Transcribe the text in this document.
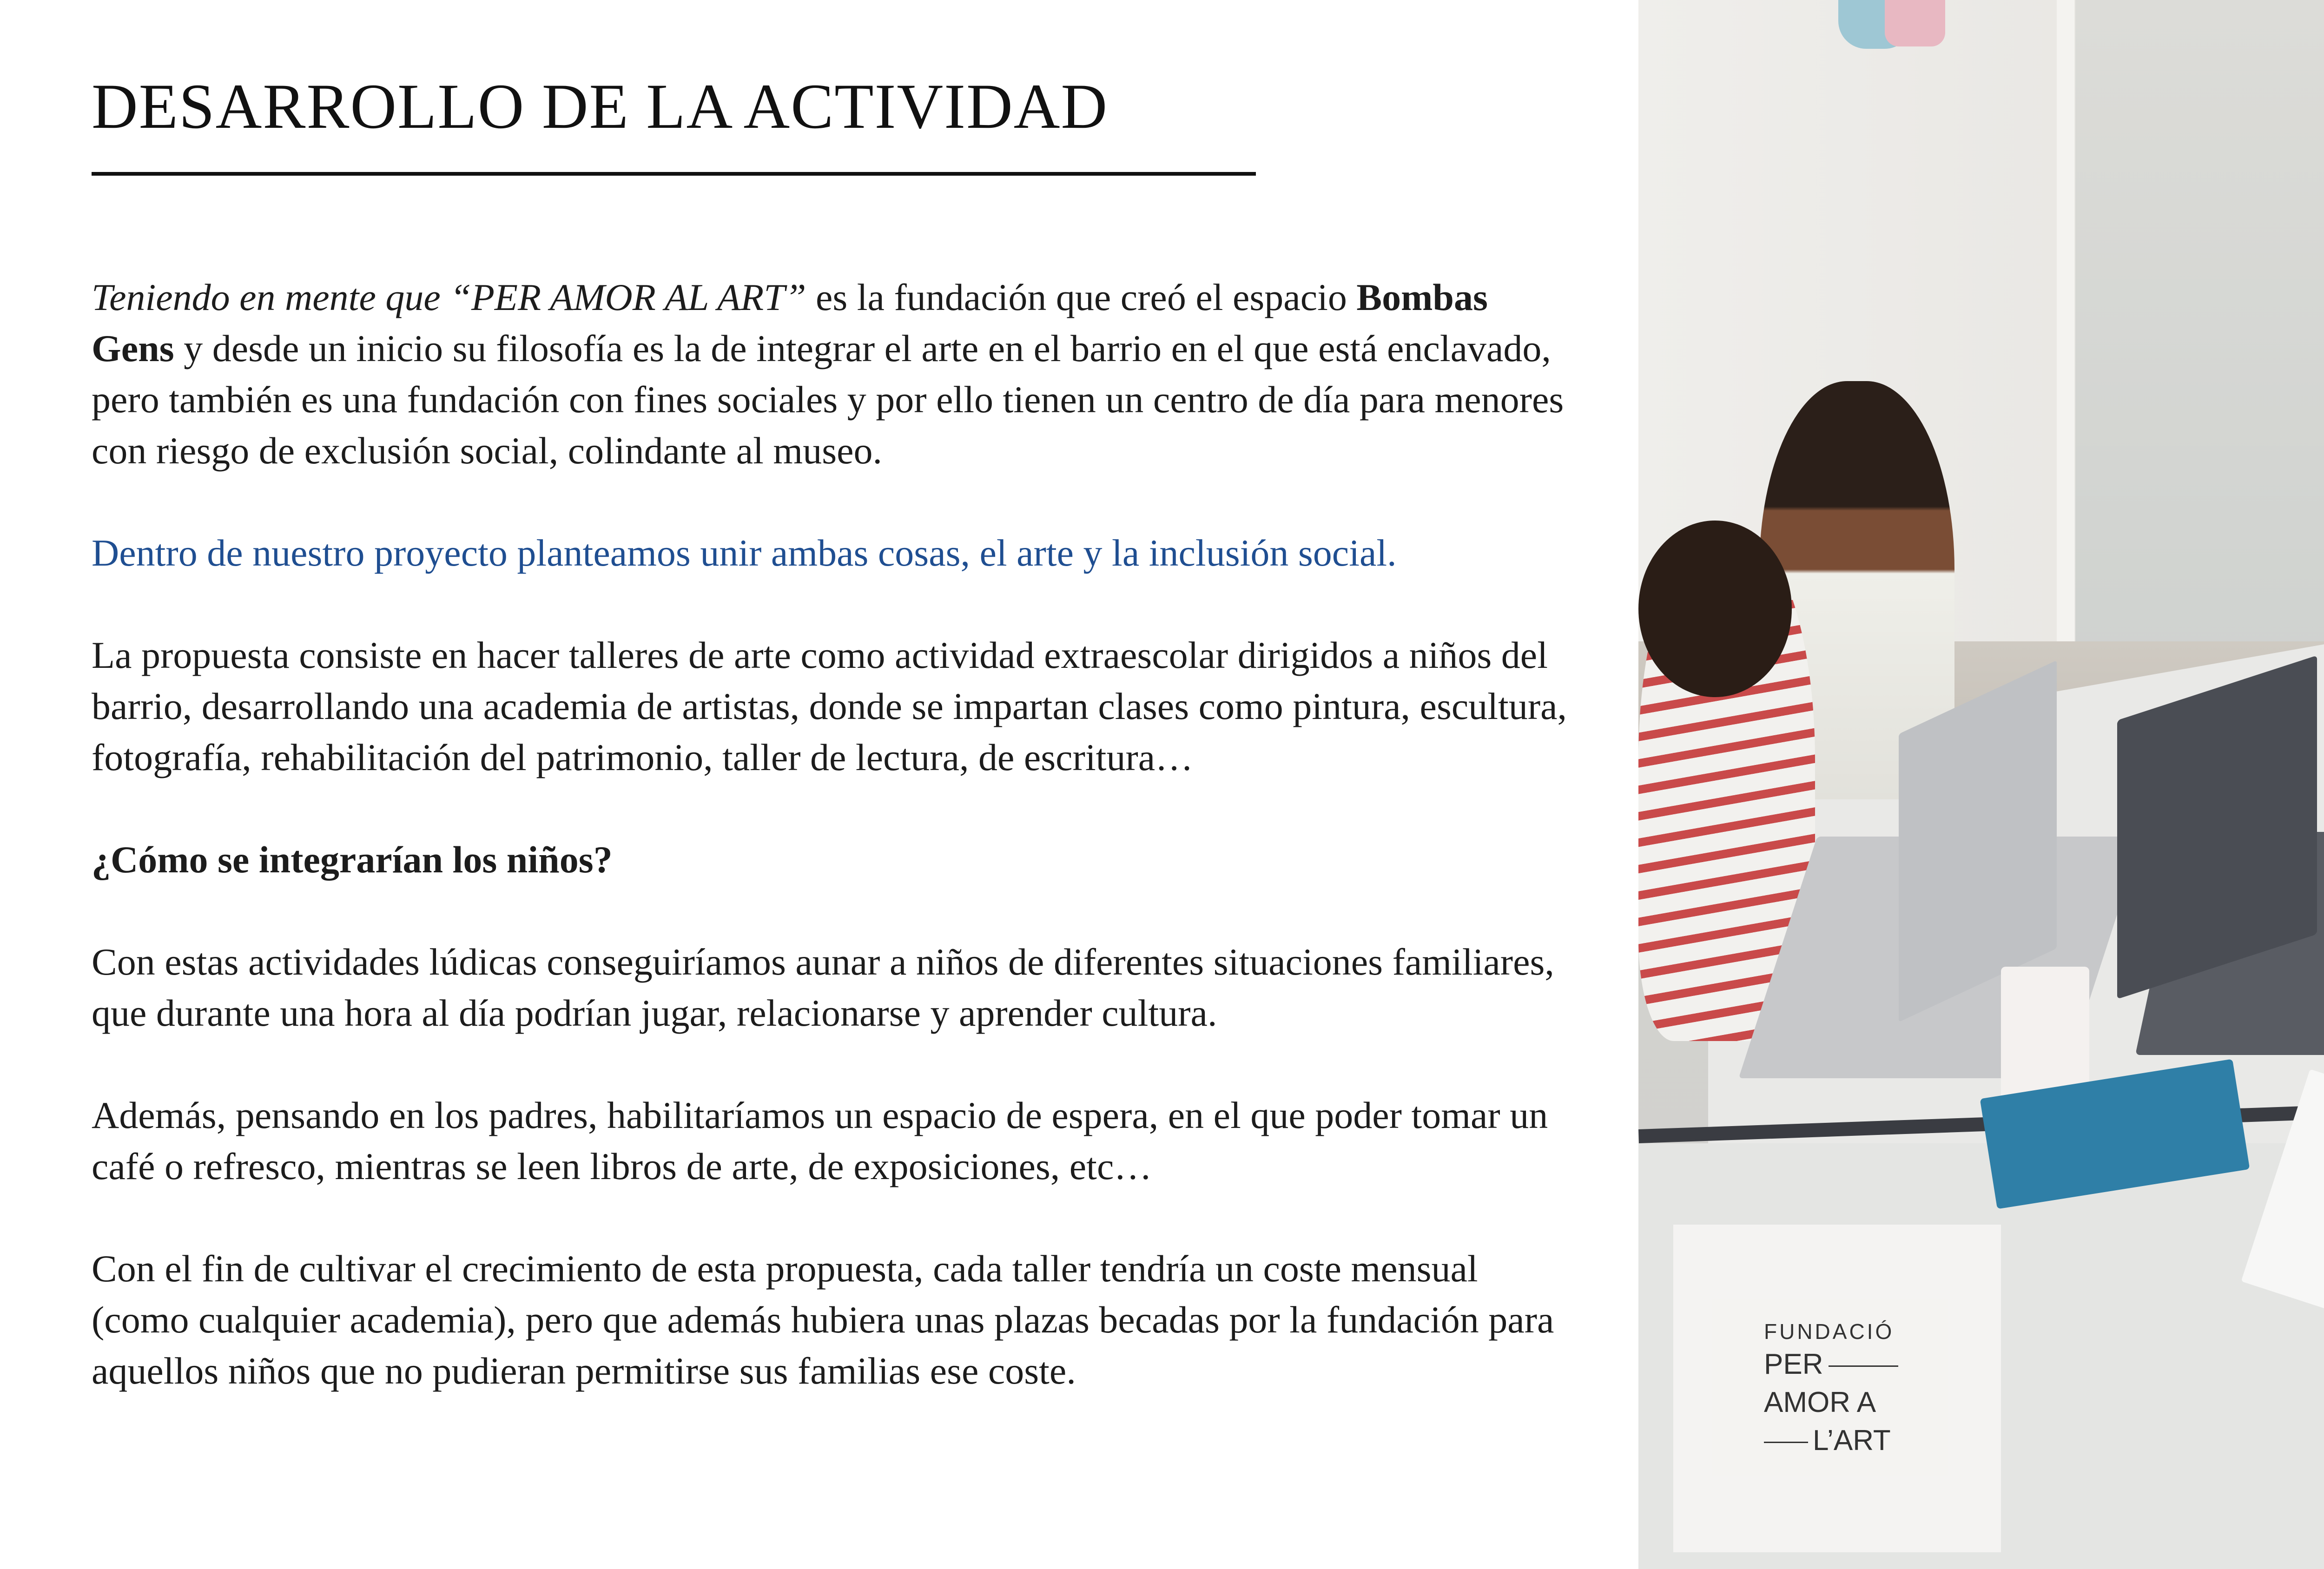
DESARROLLO DE LA ACTIVIDAD

Teniendo en mente que “PER AMOR AL ART” es la fundación que creó el espacio Bombas Gens y desde un inicio su filosofía es la de integrar el arte en el barrio en el que está enclavado, pero también es una fundación con fines sociales y por ello tienen un centro de día para menores con riesgo de exclusión social, colindante al museo.

Dentro de nuestro proyecto planteamos unir ambas cosas, el arte y la inclusión social.

La propuesta consiste en hacer talleres de arte como actividad extraescolar dirigidos a niños del barrio, desarrollando una academia de artistas, donde se impartan clases como pintura, escultura, fotografía, rehabilitación del patrimonio, taller de lectura, de escritura…

¿Cómo se integrarían los niños?

Con estas actividades lúdicas conseguiríamos aunar a niños de diferentes situaciones familiares, que durante una hora al día podrían jugar, relacionarse y aprender cultura.

Además, pensando en los padres, habilitaríamos un espacio de espera, en el que poder tomar un café o refresco, mientras se leen libros de arte, de exposiciones, etc…

Con el fin de cultivar el crecimiento de esta propuesta, cada taller tendría un coste mensual (como cualquier academia), pero que además hubiera unas plazas becadas por la fundación para aquellos niños que no pudieran permitirse sus familias ese coste.

FUNDACIÓ
PER
AMOR A
L’ART
